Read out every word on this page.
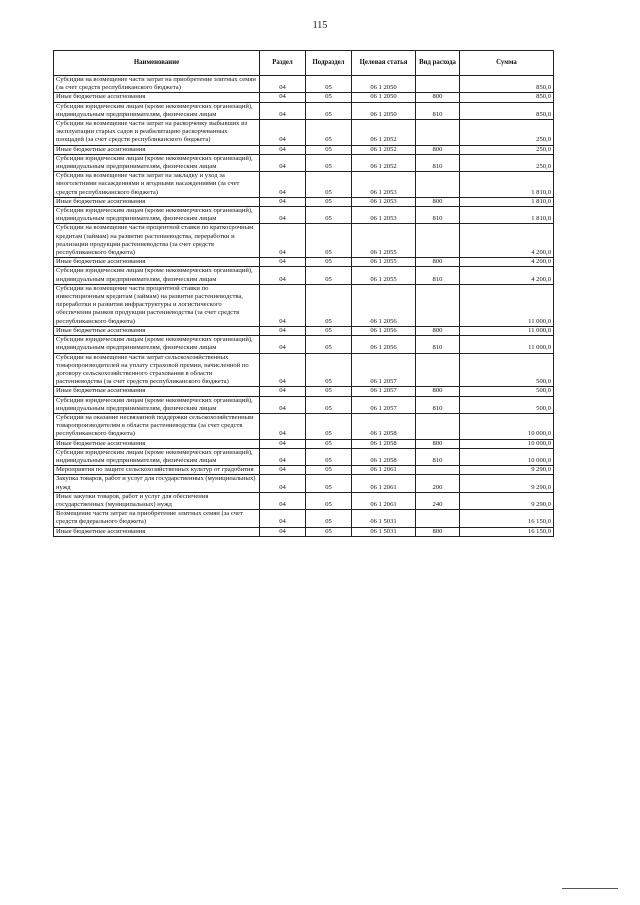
115
Наименование	Раздел	Подраздел	Целевая статья	Вид расхода	Сумма
Субсидии на возмещение части затрат на приобретение элитных семян (за счет средств республиканского бюджета)	04	05	06 1 2050		850,0
Иные бюджетные ассигнования	04	05	06 1 2050	800	850,0
Субсидии юридическим лицам (кроме некоммерческих организаций), индивидуальным предпринимателям, физическим лицам	04	05	06 1 2050	810	850,0
Субсидии на возмещение части затрат на раскорчевку выбывших из эксплуатации старых садов и реабилитацию раскорчеванных площадей (за счет средств республиканского бюджета)	04	05	06 1 2052		250,0
Иные бюджетные ассигнования	04	05	06 1 2052	800	250,0
Субсидии юридическим лицам (кроме некоммерческих организаций), индивидуальным предпринимателям, физическим лицам	04	05	06 1 2052	810	250,0
Субсидии на возмещение части затрат на закладку и уход за многолетними насаждениями и ягодными насаждениями (за счет средств республиканского бюджета)	04	05	06 1 2053		1 810,0
Иные бюджетные ассигнования	04	05	06 1 2053	800	1 810,0
Субсидии юридическим лицам (кроме некоммерческих организаций), индивидуальным предпринимателям, физическим лицам	04	05	06 1 2053	810	1 810,0
Субсидии на возмещение части процентной ставки по краткосрочным кредитам (займам) на развитие растениеводства, переработки и реализации продукции растениеводства (за счет средств республиканского бюджета)	04	05	06 1 2055		4 200,0
Иные бюджетные ассигнования	04	05	06 1 2055	800	4 200,0
Субсидии юридическим лицам (кроме некоммерческих организаций), индивидуальным предпринимателям, физическим лицам	04	05	06 1 2055	810	4 200,0
Субсидии на возмещение части процентной ставки по инвестиционным кредитам (займам) на развитие растениеводства, переработки и развития инфраструктуры и логистического обеспечения рынков продукции растениеводства (за счет средств республиканского бюджета)	04	05	06 1 2056		11 000,0
Иные бюджетные ассигнования	04	05	06 1 2056	800	11 000,0
Субсидии юридическим лицам (кроме некоммерческих организаций), индивидуальным предпринимателям, физическим лицам	04	05	06 1 2056	810	11 000,0
Субсидии на возмещение части затрат сельскохозяйственных товаропроизводителей на уплату страховой премии, начисленной по договору сельскохозяйственного страхования в области растениеводства (за счет средств республиканского бюджета)	04	05	06 1 2057		500,0
Иные бюджетные ассигнования	04	05	06 1 2057	800	500,0
Субсидии юридическим лицам (кроме некоммерческих организаций), индивидуальным предпринимателям, физическим лицам	04	05	06 1 2057	810	500,0
Субсидии на оказание несвязанной поддержки сельскохозяйственным товаропроизводителям в области растениеводства (за счет средств республиканского бюджета)	04	05	06 1 2058		10 000,0
Иные бюджетные ассигнования	04	05	06 1 2058	800	10 000,0
Субсидии юридическим лицам (кроме некоммерческих организаций), индивидуальным предпринимателям, физическим лицам	04	05	06 1 2058	810	10 000,0
Мероприятия по защите сельскохозяйственных культур от градобития	04	05	06 1 2061		9 290,0
Закупка товаров, работ и услуг для государственных (муниципальных) нужд	04	05	06 1 2061	200	9 290,0
Иные закупки товаров, работ и услуг для обеспечения государственных (муниципальных) нужд	04	05	06 1 2061	240	9 290,0
Возмещение части затрат на приобретение элитных семян (за счет средств федерального бюджета)	04	05	06 1 5031		16 150,0
Иные бюджетные ассигнования	04	05	06 1 5031	800	16 150,0
